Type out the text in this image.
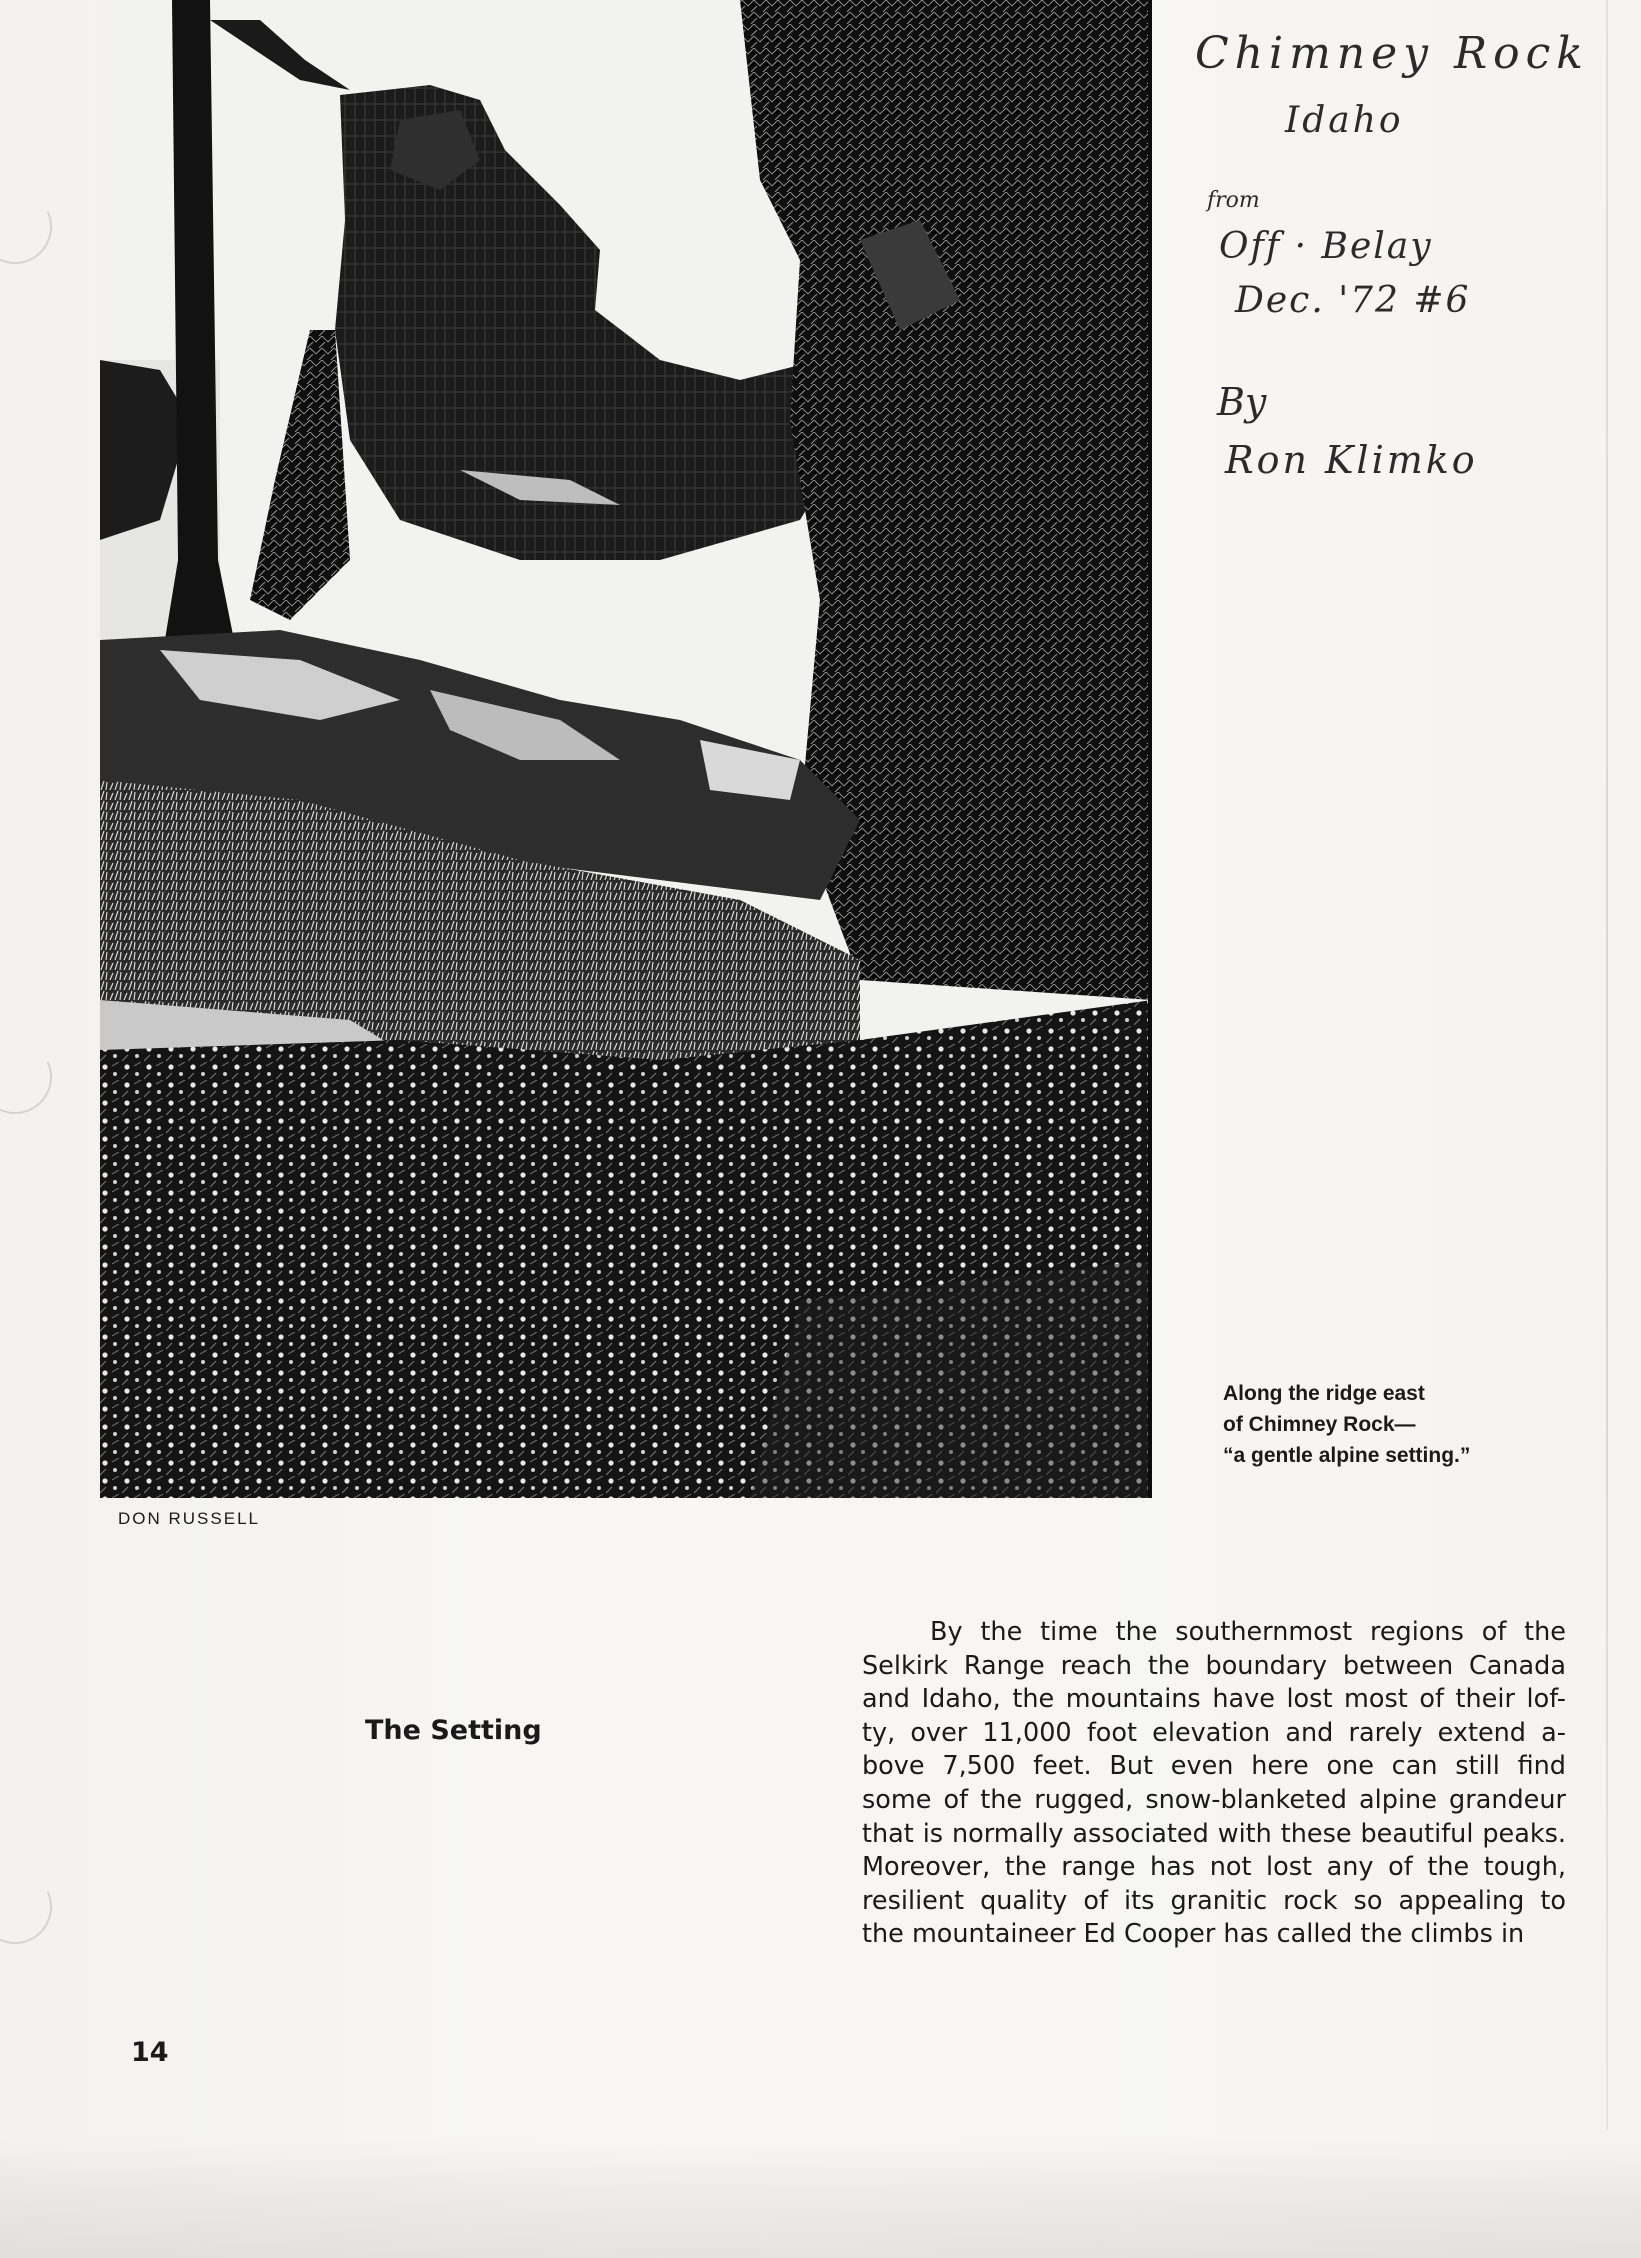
DON RUSSELL
Along the ridge east
of Chimney Rock—
“a gentle alpine setting.”
Chimney Rock
Idaho
from
Off · Belay
Dec. '72 #6
By
Ron Klimko
The Setting
By the time the southernmost regions of the
Selkirk Range reach the boundary between Canada
and Idaho, the mountains have lost most of their lof-
ty, over 11,000 foot elevation and rarely extend a-
bove 7,500 feet. But even here one can still find
some of the rugged, snow-blanketed alpine grandeur
that is normally associated with these beautiful peaks.
Moreover, the range has not lost any of the tough,
resilient quality of its granitic rock so appealing to
the mountaineer Ed Cooper has called the climbs in
14
